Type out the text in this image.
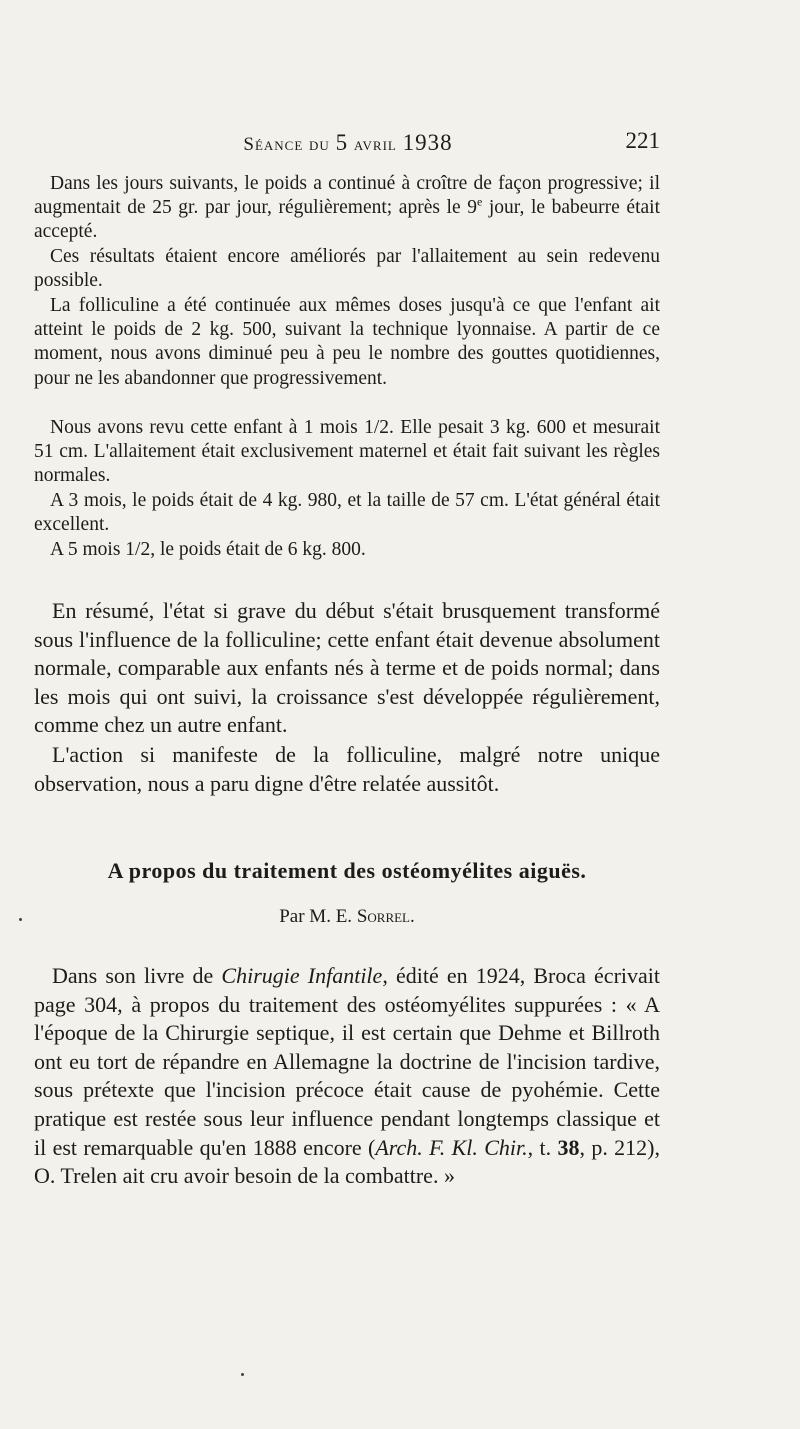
Séance du 5 avril 1938	221

Dans les jours suivants, le poids a continué à croître de façon progressive; il augmentait de 25 gr. par jour, régulièrement; après le 9e jour, le babeurre était accepté.

Ces résultats étaient encore améliorés par l'allaitement au sein redevenu possible.

La folliculine a été continuée aux mêmes doses jusqu'à ce que l'enfant ait atteint le poids de 2 kg. 500, suivant la technique lyonnaise. A partir de ce moment, nous avons diminué peu à peu le nombre des gouttes quotidiennes, pour ne les abandonner que progressivement.

Nous avons revu cette enfant à 1 mois 1/2. Elle pesait 3 kg. 600 et mesurait 51 cm. L'allaitement était exclusivement maternel et était fait suivant les règles normales.

A 3 mois, le poids était de 4 kg. 980, et la taille de 57 cm. L'état général était excellent.

A 5 mois 1/2, le poids était de 6 kg. 800.

En résumé, l'état si grave du début s'était brusquement transformé sous l'influence de la folliculine; cette enfant était devenue absolument normale, comparable aux enfants nés à terme et de poids normal; dans les mois qui ont suivi, la croissance s'est développée régulièrement, comme chez un autre enfant.

L'action si manifeste de la folliculine, malgré notre unique observation, nous a paru digne d'être relatée aussitôt.

A propos du traitement des ostéomyélites aiguës.
Par M. E. Sorrel.

Dans son livre de Chirugie Infantile, édité en 1924, Broca écrivait page 304, à propos du traitement des ostéomyélites suppurées : « A l'époque de la Chirurgie septique, il est certain que Dehme et Billroth ont eu tort de répandre en Allemagne la doctrine de l'incision tardive, sous prétexte que l'incision précoce était cause de pyohémie. Cette pratique est restée sous leur influence pendant longtemps classique et il est remarquable qu'en 1888 encore (Arch. F. Kl. Chir., t. 38, p. 212), O. Trelen ait cru avoir besoin de la combattre. »
